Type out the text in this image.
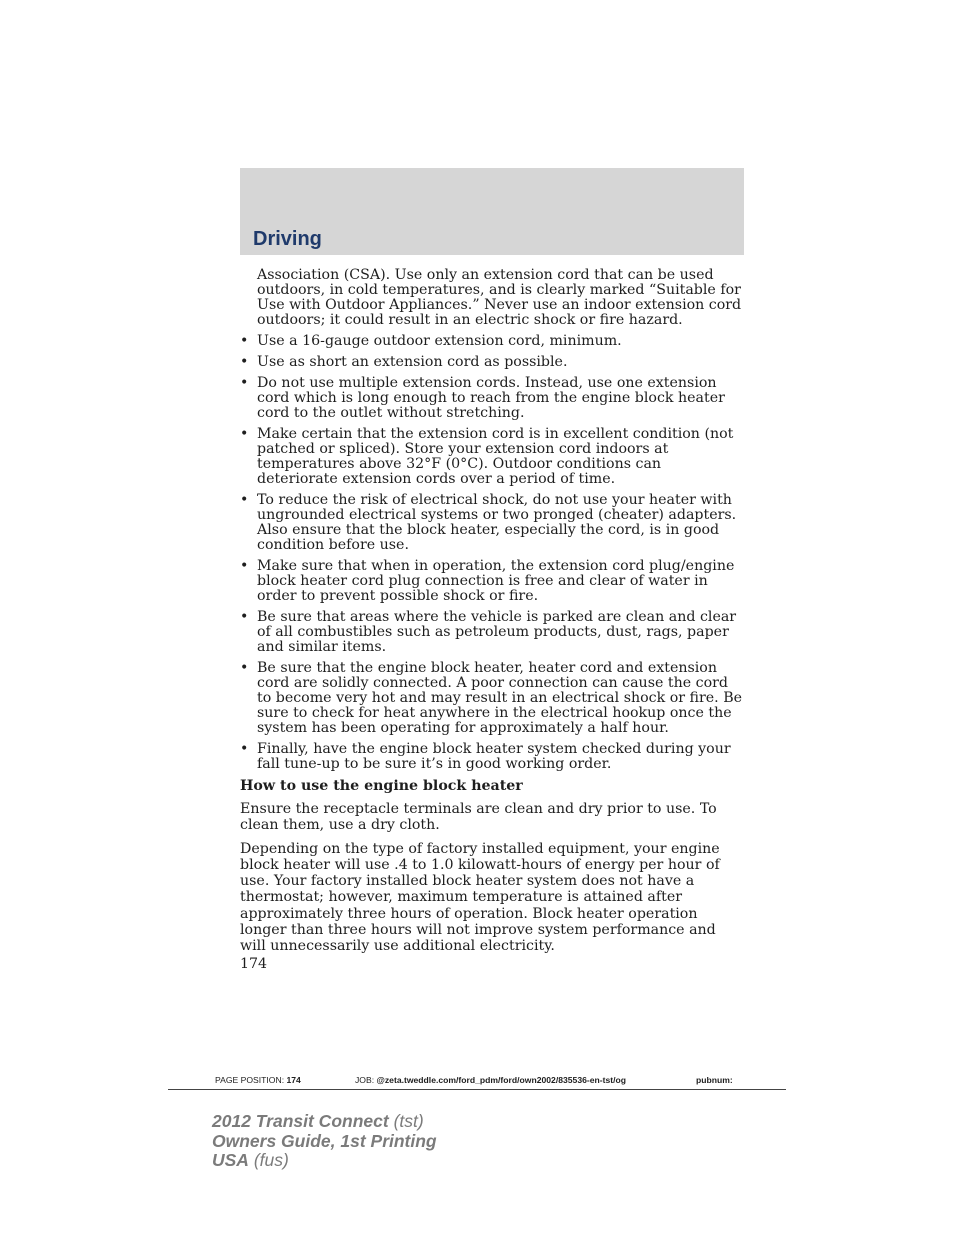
Driving

Association (CSA). Use only an extension cord that can be used outdoors, in cold temperatures, and is clearly marked “Suitable for Use with Outdoor Appliances.” Never use an indoor extension cord outdoors; it could result in an electric shock or fire hazard.

• Use a 16-gauge outdoor extension cord, minimum.
• Use as short an extension cord as possible.
• Do not use multiple extension cords. Instead, use one extension cord which is long enough to reach from the engine block heater cord to the outlet without stretching.
• Make certain that the extension cord is in excellent condition (not patched or spliced). Store your extension cord indoors at temperatures above 32°F (0°C). Outdoor conditions can deteriorate extension cords over a period of time.
• To reduce the risk of electrical shock, do not use your heater with ungrounded electrical systems or two pronged (cheater) adapters. Also ensure that the block heater, especially the cord, is in good condition before use.
• Make sure that when in operation, the extension cord plug/engine block heater cord plug connection is free and clear of water in order to prevent possible shock or fire.
• Be sure that areas where the vehicle is parked are clean and clear of all combustibles such as petroleum products, dust, rags, paper and similar items.
• Be sure that the engine block heater, heater cord and extension cord are solidly connected. A poor connection can cause the cord to become very hot and may result in an electrical shock or fire. Be sure to check for heat anywhere in the electrical hookup once the system has been operating for approximately a half hour.
• Finally, have the engine block heater system checked during your fall tune-up to be sure it’s in good working order.

How to use the engine block heater

Ensure the receptacle terminals are clean and dry prior to use. To clean them, use a dry cloth.

Depending on the type of factory installed equipment, your engine block heater will use .4 to 1.0 kilowatt-hours of energy per hour of use. Your factory installed block heater system does not have a thermostat; however, maximum temperature is attained after approximately three hours of operation. Block heater operation longer than three hours will not improve system performance and will unnecessarily use additional electricity.

174

PAGE POSITION: 174	JOB: @zeta.tweddle.com/ford_pdm/ford/own2002/835536-en-tst/og	pubnum:
2012 Transit Connect (tst)
Owners Guide, 1st Printing
USA (fus)
